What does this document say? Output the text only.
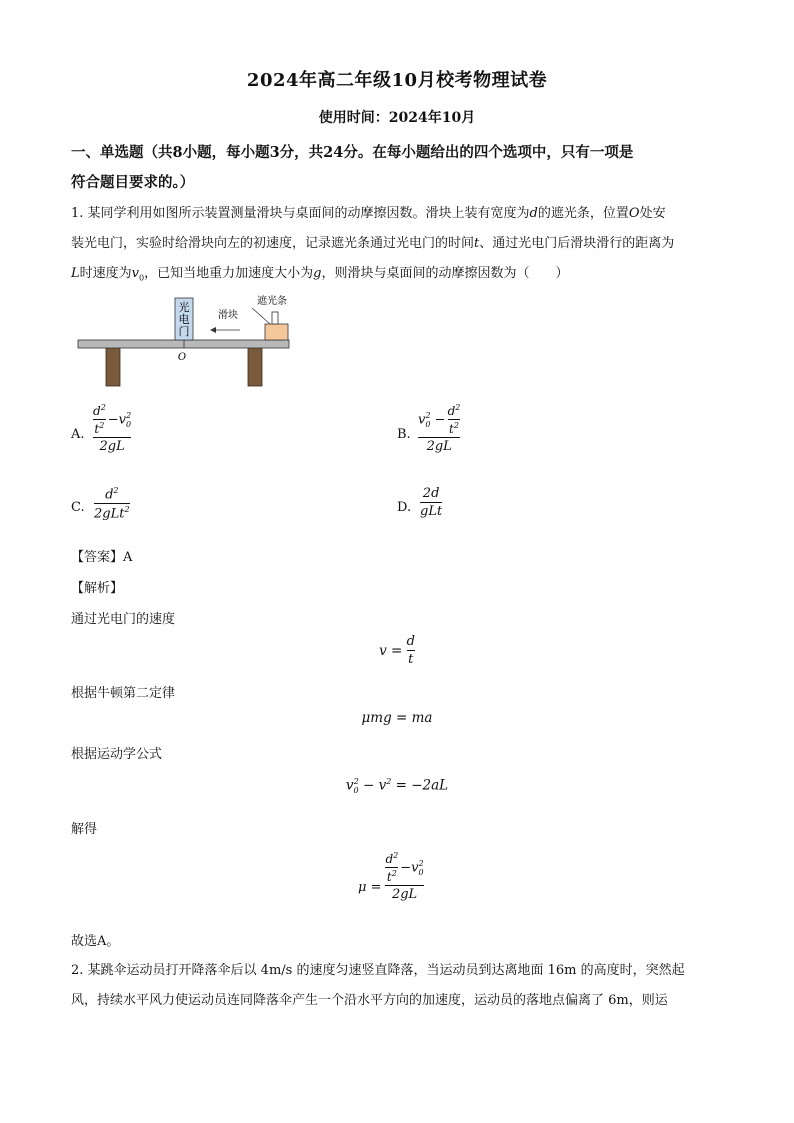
2024年高二年级10月校考物理试卷
使用时间：2024年10月
一、单选题（共8小题，每小题3分，共24分。在每小题给出的四个选项中，只有一项是
符合题目要求的。）
1. 某同学利用如图所示装置测量滑块与桌面间的动摩擦因数。滑块上装有宽度为d的遮光条，位置O处安
装光电门，实验时给滑块向左的初速度，记录遮光条通过光电门的时间t、通过光电门后滑块滑行的距离为
L时速度为$v_0$，已知当地重力加速度大小为g，则滑块与桌面间的动摩擦因数为（　　）
光
电
门
O
遮光条
滑块
A. $\frac{d^2}{t^2} -v_0^2$
2gL
B.
$v_0^2 - \frac{d^2}{t^2}$
2gL
C.
$d^2$
2gLt$^2$	D.
2d
gLt
【答案】A
【解析】
通过光电门的速度
$v = \frac{d}{t}$
根据牛顿第二定律
μmg = ma
根据运动学公式
$v_0^2 - v^2 = -2aL$
解得
μ =
$\frac{d^2}{t^2} -v_0^2$
2gL
故选A。
2. 某跳伞运动员打开降落伞后以 4m/s 的速度匀速竖直降落，当运动员到达离地面 16m 的高度时，突然起
风，持续水平风力使运动员连同降落伞产生一个沿水平方向的加速度，运动员的落地点偏离了 6m，则运
